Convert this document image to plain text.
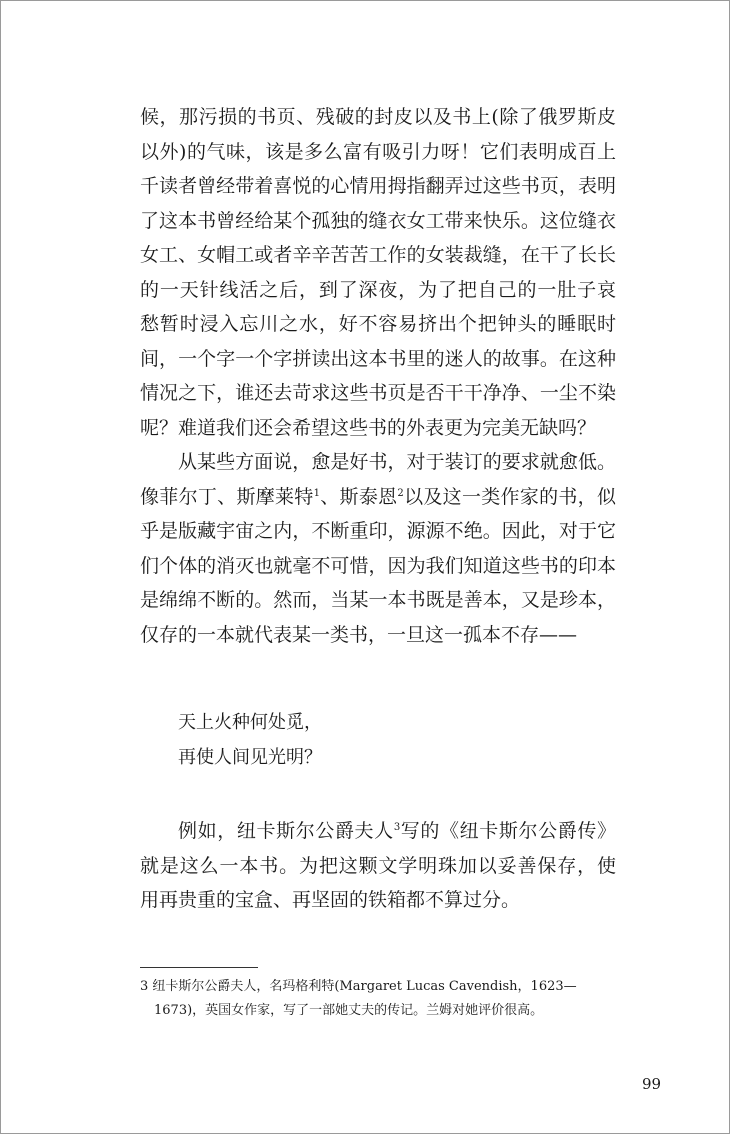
候，那污损的书页、残破的封皮以及书上(除了俄罗斯皮
以外)的气味，该是多么富有吸引力呀！它们表明成百上
千读者曾经带着喜悦的心情用拇指翻弄过这些书页，表明
了这本书曾经给某个孤独的缝衣女工带来快乐。这位缝衣
女工、女帽工或者辛辛苦苦工作的女装裁缝，在干了长长
的一天针线活之后，到了深夜，为了把自己的一肚子哀
愁暂时浸入忘川之水，好不容易挤出个把钟头的睡眠时
间，一个字一个字拼读出这本书里的迷人的故事。在这种
情况之下，谁还去苛求这些书页是否干干净净、一尘不染
呢？难道我们还会希望这些书的外表更为完美无缺吗？
从某些方面说，愈是好书，对于装订的要求就愈低。
像菲尔丁、斯摩莱特$^1$、斯泰恩$^2$以及这一类作家的书，似
乎是版藏宇宙之内，不断重印，源源不绝。因此，对于它
们个体的消灭也就毫不可惜，因为我们知道这些书的印本
是绵绵不断的。然而，当某一本书既是善本，又是珍本，
仅存的一本就代表某一类书，一旦这一孤本不存——
天上火种何处觅，
再使人间见光明？
例如，纽卡斯尔公爵夫人$^3$写的《纽卡斯尔公爵传》
就是这么一本书。为把这颗文学明珠加以妥善保存，使
用再贵重的宝盒、再坚固的铁箱都不算过分。
3 纽卡斯尔公爵夫人，名玛格利特(Margaret Lucas Cavendish，1623—
1673)，英国女作家，写了一部她丈夫的传记。兰姆对她评价很高。
99
